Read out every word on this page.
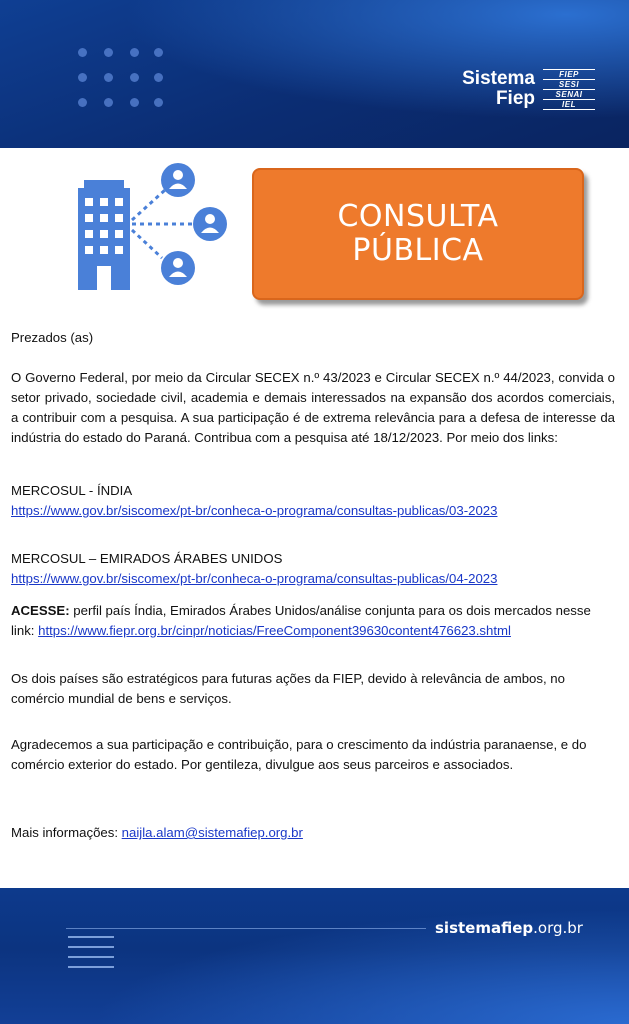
Sistema
Fiep
FIEP
SESI
SENAI
IEL
CONSULTA
PÚBLICA

Prezados (as)

O Governo Federal, por meio da Circular SECEX n.º 43/2023 e Circular SECEX n.º 44/2023, convida o setor privado, sociedade civil, academia e demais interessados na expansão dos acordos comerciais, a contribuir com a pesquisa. A sua participação é de extrema relevância para a defesa de interesse da indústria do estado do Paraná. Contribua com a pesquisa até 18/12/2023. Por meio dos links:

MERCOSUL - ÍNDIA

https://www.gov.br/siscomex/pt-br/conheca-o-programa/consultas-publicas/03-2023

MERCOSUL – EMIRADOS ÁRABES UNIDOS

https://www.gov.br/siscomex/pt-br/conheca-o-programa/consultas-publicas/04-2023

ACESSE: perfil país Índia, Emirados Árabes Unidos/análise conjunta para os dois mercados nesse link: https://www.fiepr.org.br/cinpr/noticias/FreeComponent39630content476623.shtml

Os dois países são estratégicos para futuras ações da FIEP, devido à relevância de ambos, no comércio mundial de bens e serviços.

Agradecemos a sua participação e contribuição, para o crescimento da indústria paranaense, e do comércio exterior do estado. Por gentileza, divulgue aos seus parceiros e associados.

Mais informações: naijla.alam@sistemafiep.org.br

sistemafiep.org.br
